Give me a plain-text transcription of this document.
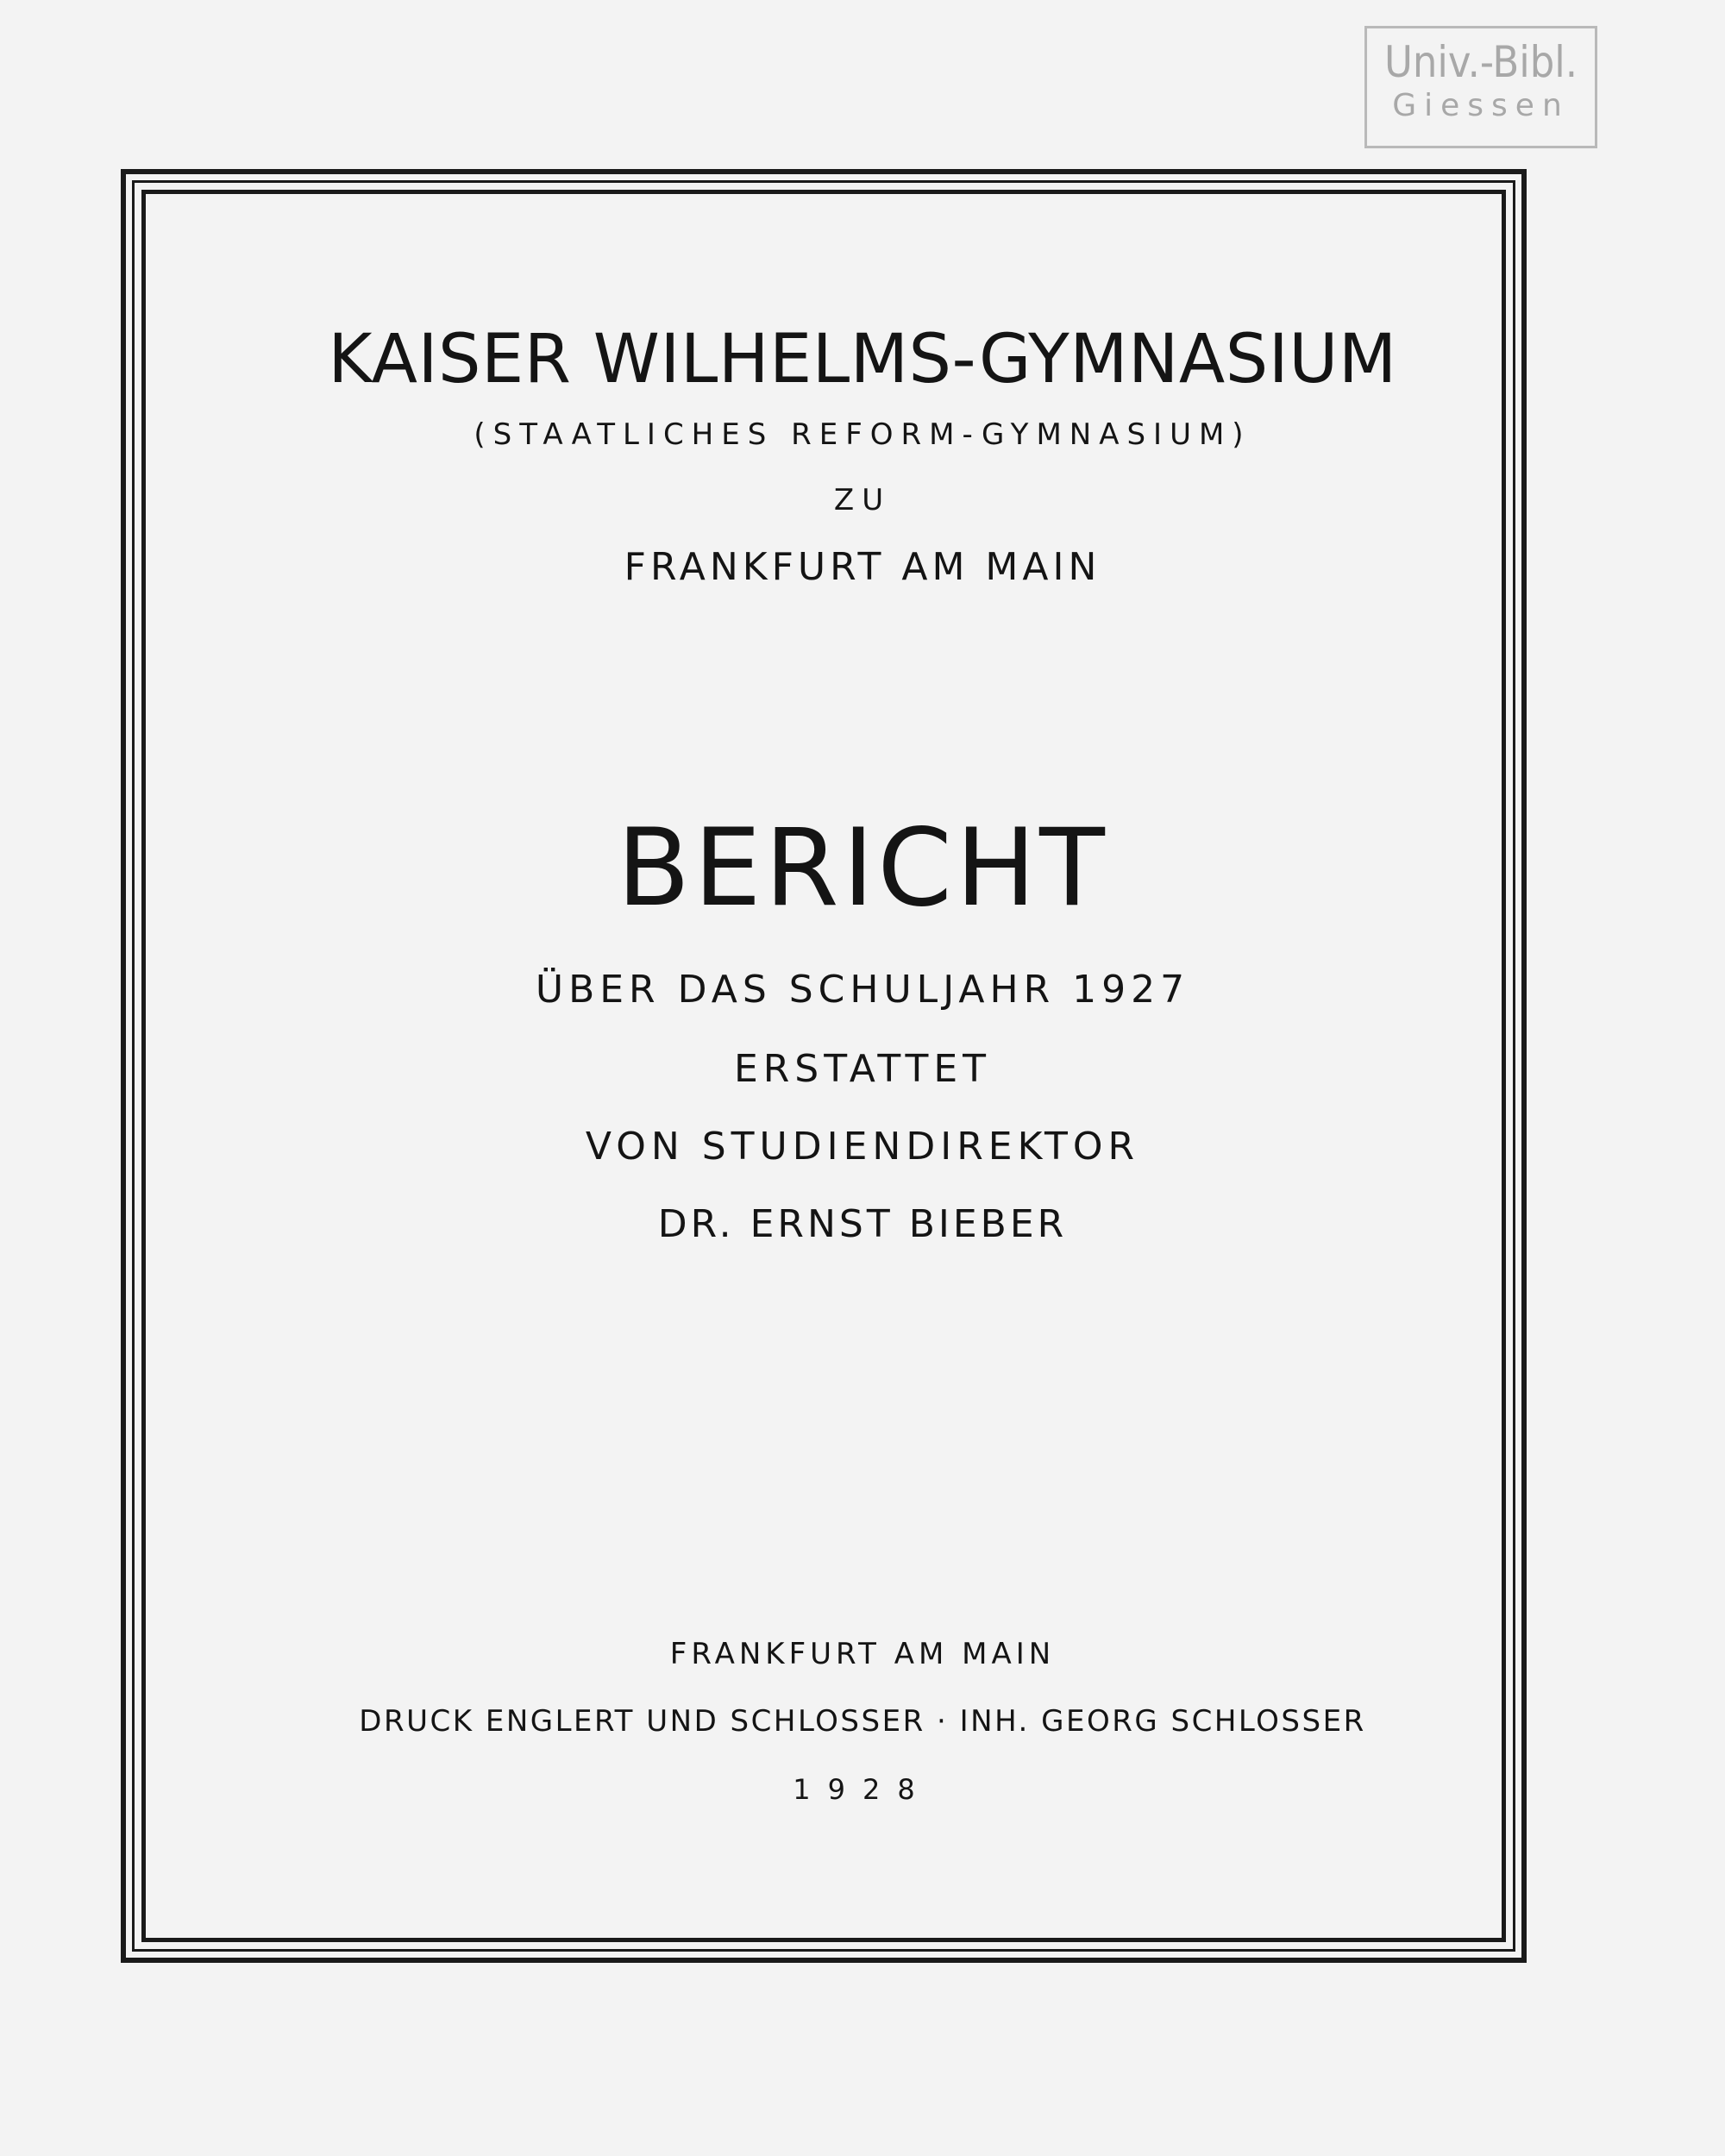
Univ.-Bibl.
Giessen
KAISER WILHELMS-GYMNASIUM
(STAATLICHES REFORM-GYMNASIUM)
ZU
FRANKFURT AM MAIN
BERICHT
ÜBER DAS SCHULJAHR 1927
ERSTATTET
VON STUDIENDIREKTOR
DR. ERNST BIEBER
FRANKFURT AM MAIN
DRUCK ENGLERT UND SCHLOSSER · INH. GEORG SCHLOSSER
1928
